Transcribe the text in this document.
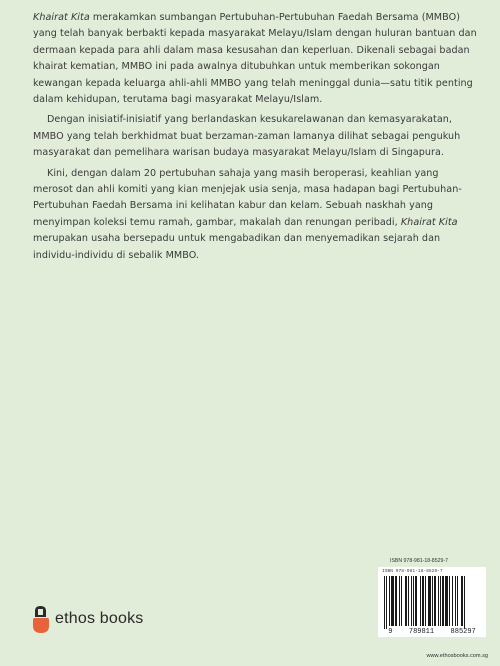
Khairat Kita merakamkan sumbangan Pertubuhan-Pertubuhan Faedah Bersama (MMBO) yang telah banyak berbakti kepada masyarakat Melayu/Islam dengan huluran bantuan dan dermaan kepada para ahli dalam masa kesusahan dan keperluan. Dikenali sebagai badan khairat kematian, MMBO ini pada awalnya ditubuhkan untuk memberikan sokongan kewangan kepada keluarga ahli-ahli MMBO yang telah meninggal dunia—satu titik penting dalam kehidupan, terutama bagi masyarakat Melayu/Islam.

Dengan inisiatif-inisiatif yang berlandaskan kesukarelawanan dan kemasyarakatan, MMBO yang telah berkhidmat buat berzaman-zaman lamanya dilihat sebagai pengukuh masyarakat dan pemelihara warisan budaya masyarakat Melayu/Islam di Singapura.

Kini, dengan dalam 20 pertubuhan sahaja yang masih beroperasi, keahlian yang merosot dan ahli komiti yang kian menjejak usia senja, masa hadapan bagi Pertubuhan-Pertubuhan Faedah Bersama ini kelihatan kabur dan kelam. Sebuah naskhah yang menyimpan koleksi temu ramah, gambar, makalah dan renungan peribadi, Khairat Kita merupakan usaha bersepadu untuk mengabadikan dan menyemadikan sejarah dan individu-individu di sebalik MMBO.

ethos books
ISBN 978-981-18-8529-7
ISBN 978-981-18-8529-7
9 789811 885297
www.ethosbooks.com.sg
